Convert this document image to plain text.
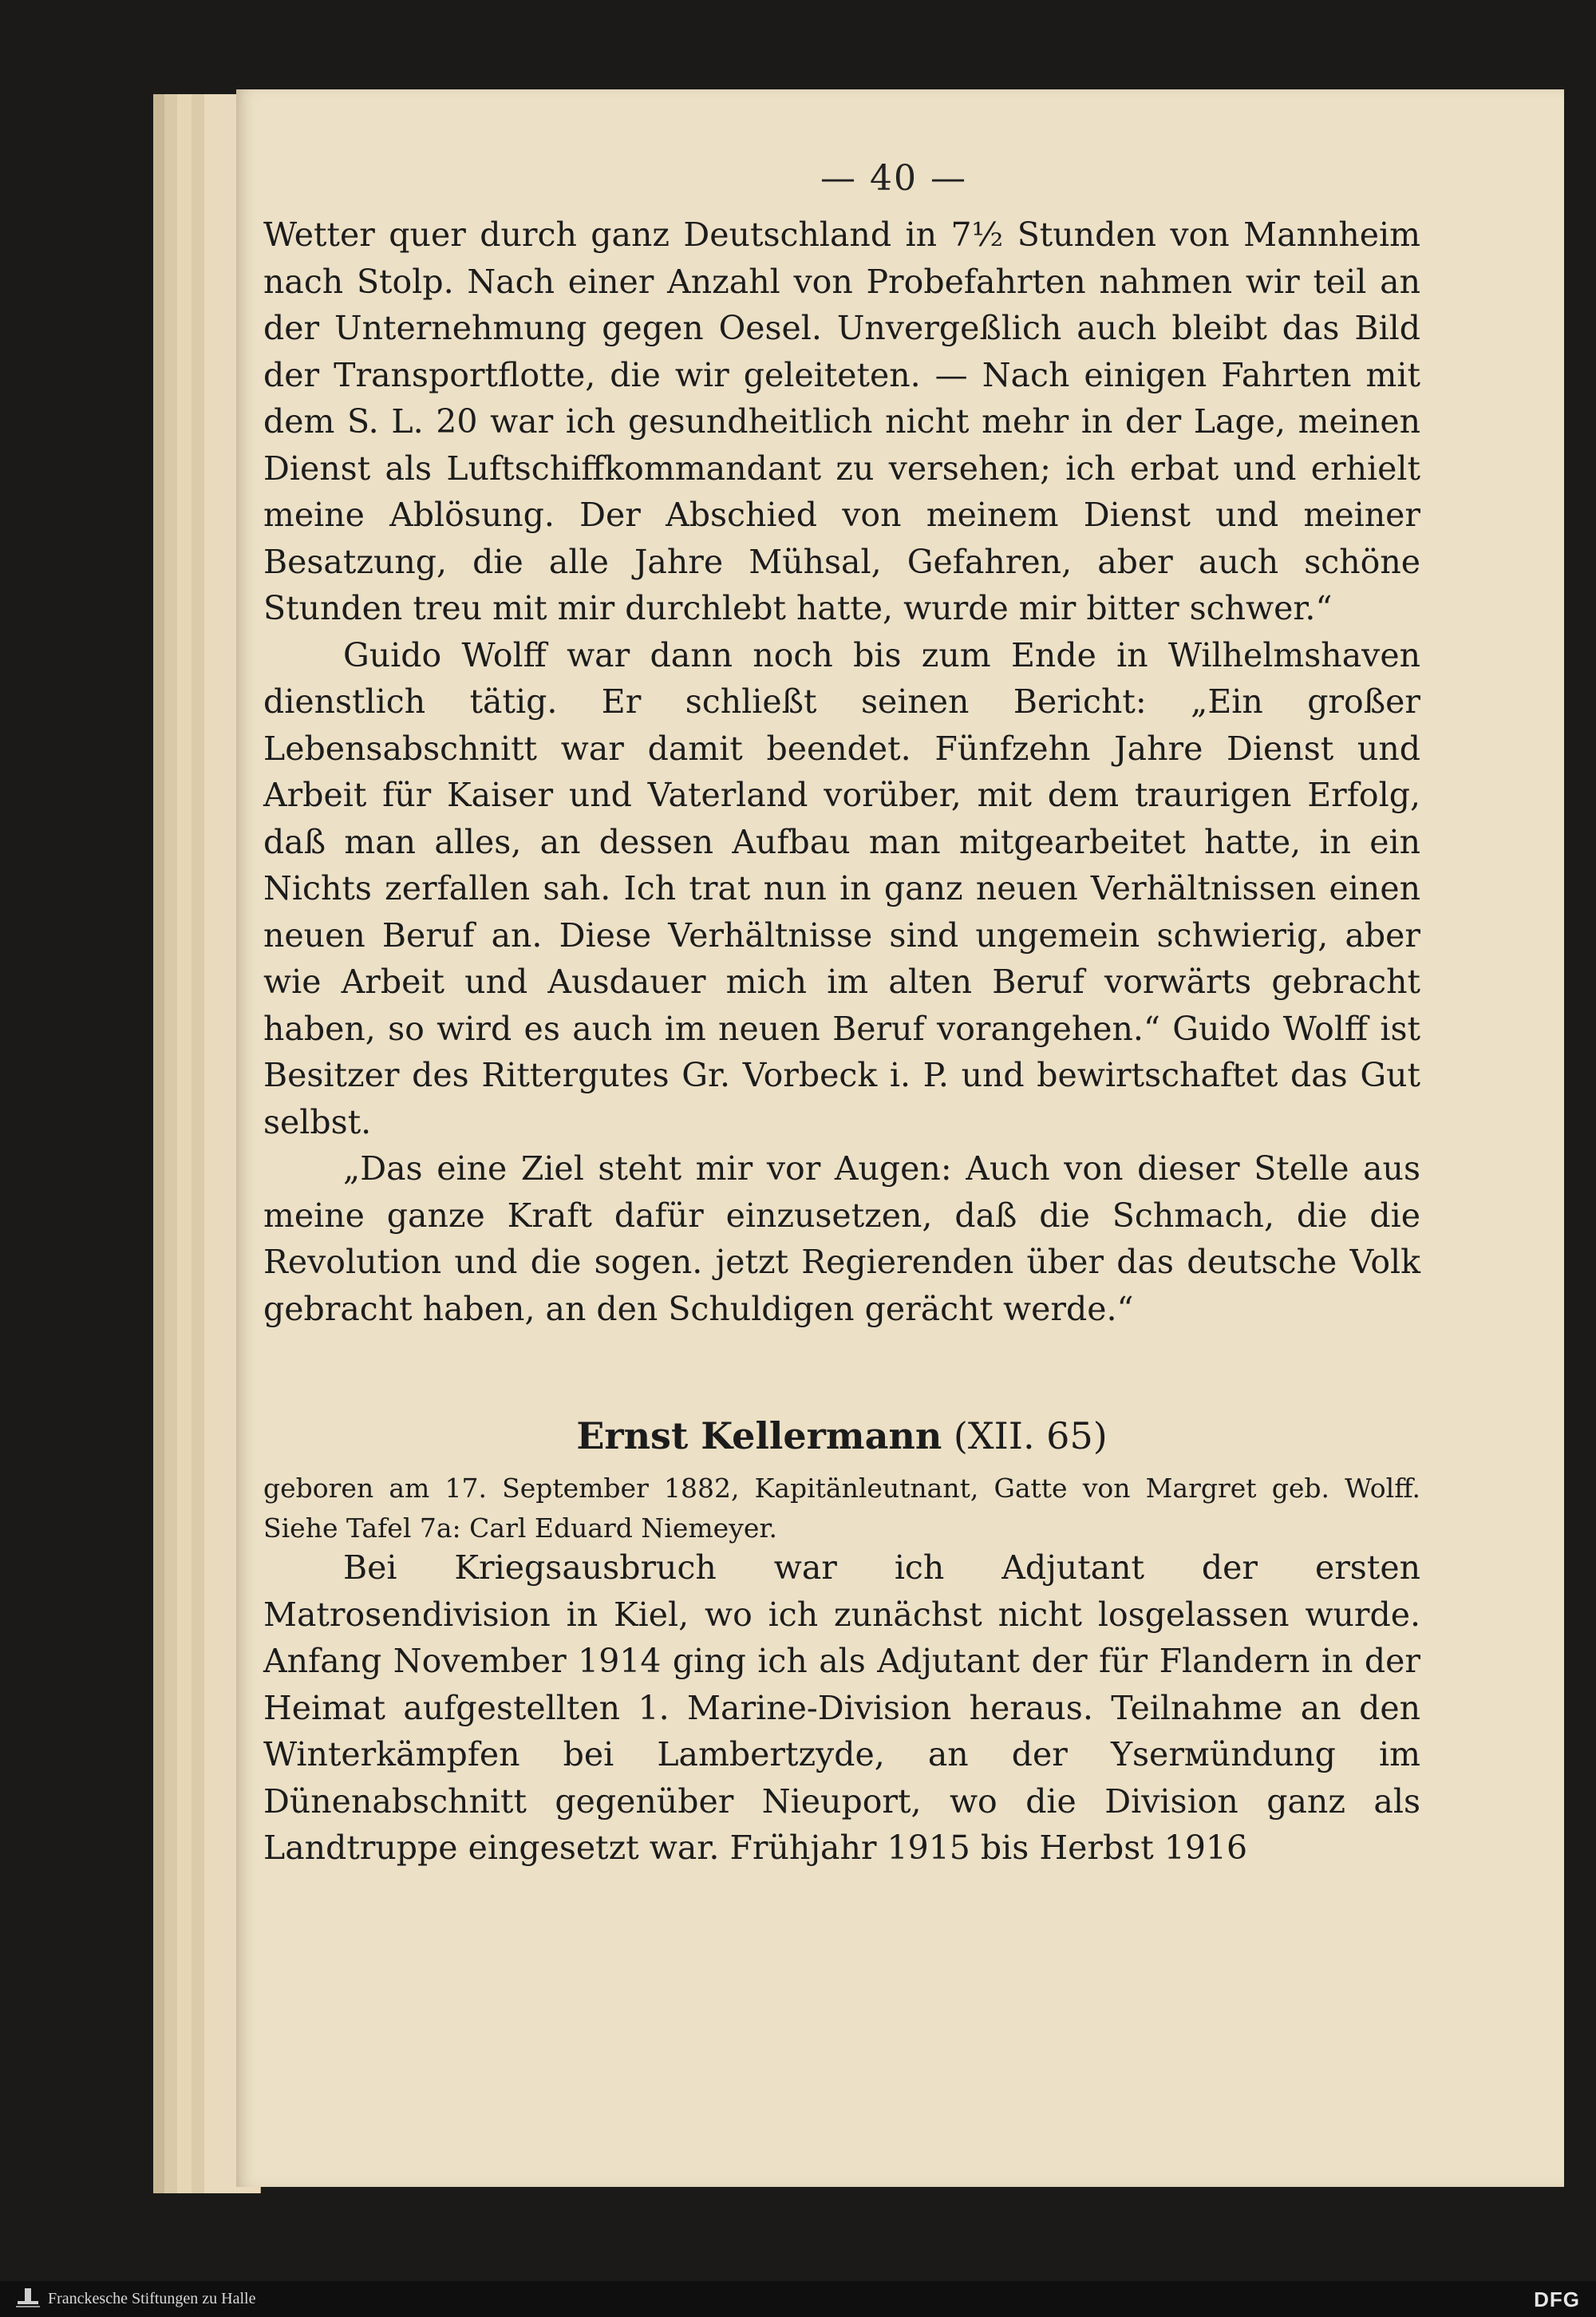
— 40 —

Wetter quer durch ganz Deutschland in 7½ Stunden von Mannheim nach Stolp. Nach einer Anzahl von Probefahrten nahmen wir teil an der Unternehmung gegen Oesel. Unvergeßlich auch bleibt das Bild der Transportflotte, die wir geleiteten. — Nach einigen Fahrten mit dem S. L. 20 war ich gesundheitlich nicht mehr in der Lage, meinen Dienst als Luftschiffkommandant zu versehen; ich erbat und erhielt meine Ablösung. Der Abschied von meinem Dienst und meiner Besatzung, die alle Jahre Mühsal, Gefahren, aber auch schöne Stunden treu mit mir durchlebt hatte, wurde mir bitter schwer.“

Guido Wolff war dann noch bis zum Ende in Wilhelmshaven dienstlich tätig. Er schließt seinen Bericht: „Ein großer Lebensabschnitt war damit beendet. Fünfzehn Jahre Dienst und Arbeit für Kaiser und Vaterland vorüber, mit dem traurigen Erfolg, daß man alles, an dessen Aufbau man mitgearbeitet hatte, in ein Nichts zerfallen sah. Ich trat nun in ganz neuen Verhältnissen einen neuen Beruf an. Diese Verhältnisse sind ungemein schwierig, aber wie Arbeit und Ausdauer mich im alten Beruf vorwärts gebracht haben, so wird es auch im neuen Beruf vorangehen.“ Guido Wolff ist Besitzer des Rittergutes Gr. Vorbeck i. P. und bewirtschaftet das Gut selbst.

„Das eine Ziel steht mir vor Augen: Auch von dieser Stelle aus meine ganze Kraft dafür einzusetzen, daß die Schmach, die die Revolution und die sogen. jetzt Regierenden über das deutsche Volk gebracht haben, an den Schuldigen gerächt werde.“

Ernst Kellermann (XII. 65)
geboren am 17. September 1882, Kapitänleutnant, Gatte von Margret geb. Wolff. Siehe Tafel 7a: Carl Eduard Niemeyer.

Bei Kriegsausbruch war ich Adjutant der ersten Matrosendivision in Kiel, wo ich zunächst nicht losgelassen wurde. Anfang November 1914 ging ich als Adjutant der für Flandern in der Heimat aufgestellten 1. Marine-Division heraus. Teilnahme an den Winterkämpfen bei Lambertzyde, an der Yserмündung im Dünenabschnitt gegenüber Nieuport, wo die Division ganz als Landtruppe eingesetzt war. Frühjahr 1915 bis Herbst 1916

Franckesche Stiftungen zu Halle	DFG
